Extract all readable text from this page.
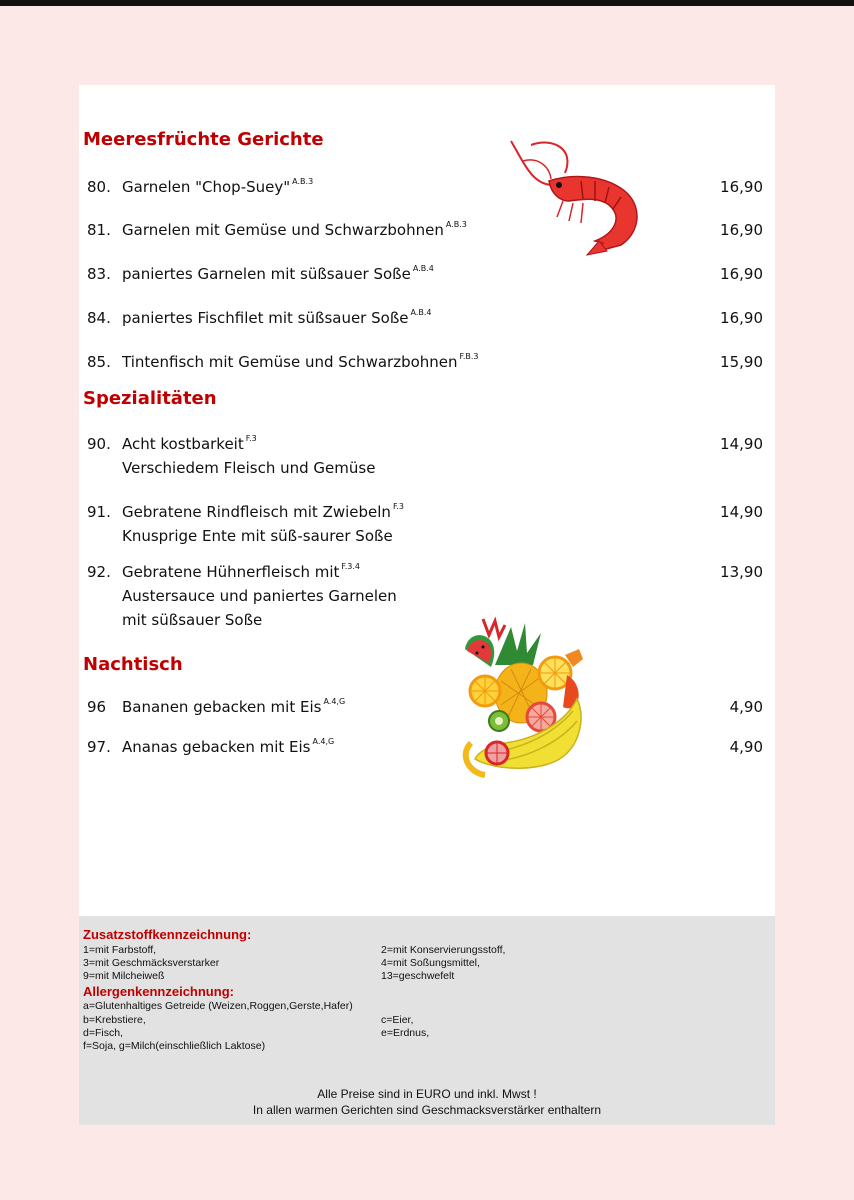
Meeresfrüchte Gerichte
80. Garnelen "Chop-Suey" $^{A.B.3}$	16,90
81. Garnelen mit Gemüse und Schwarzbohnen $^{A.B.3}$	16,90
83. paniertes Garnelen mit süßsauer Soße $^{A.B.4}$	16,90
84. paniertes Fischfilet mit süßsauer Soße $^{A.B.4}$	16,90
85. Tintenfisch mit Gemüse und Schwarzbohnen $^{F.B.3}$	15,90
Spezialitäten
90. Acht kostbarkeit $^{F.3}$
Verschiedem Fleisch und Gemüse
14,90
91. Gebratene Rindfleisch mit Zwiebeln $^{F.3}$
Knusprige Ente mit süß-saurer Soße
14,90
92. Gebratene Hühnerfleisch mit $^{F.3.4}$
Austersauce und paniertes Garnelen
mit süßsauer Soße
13,90
Nachtisch
96 Bananen gebacken mit Eis $^{A.4,G}$	4,90
97. Ananas gebacken mit Eis $^{A.4,G}$	4,90
Zusatzstoffkennzeichnung:
1=mit Farbstoff,
3=mit Geschmäcksverstarker
9=mit Milcheiweß
2=mit Konservierungsstoff,
4=mit Soßungsmittel,
13=geschwefelt
Allergenkennzeichnung:
a=Glutenhaltiges Getreide (Weizen,Roggen,Gerste,Hafer)
b=Krebstiere,
d=Fisch,
f=Soja, g=Milch(einschließlich Laktose)
c=Eier,
e=Erdnus,
Alle Preise sind in EURO und inkl. Mwst !
In allen warmen Gerichten sind Geschmacksverstärker enthaltern
